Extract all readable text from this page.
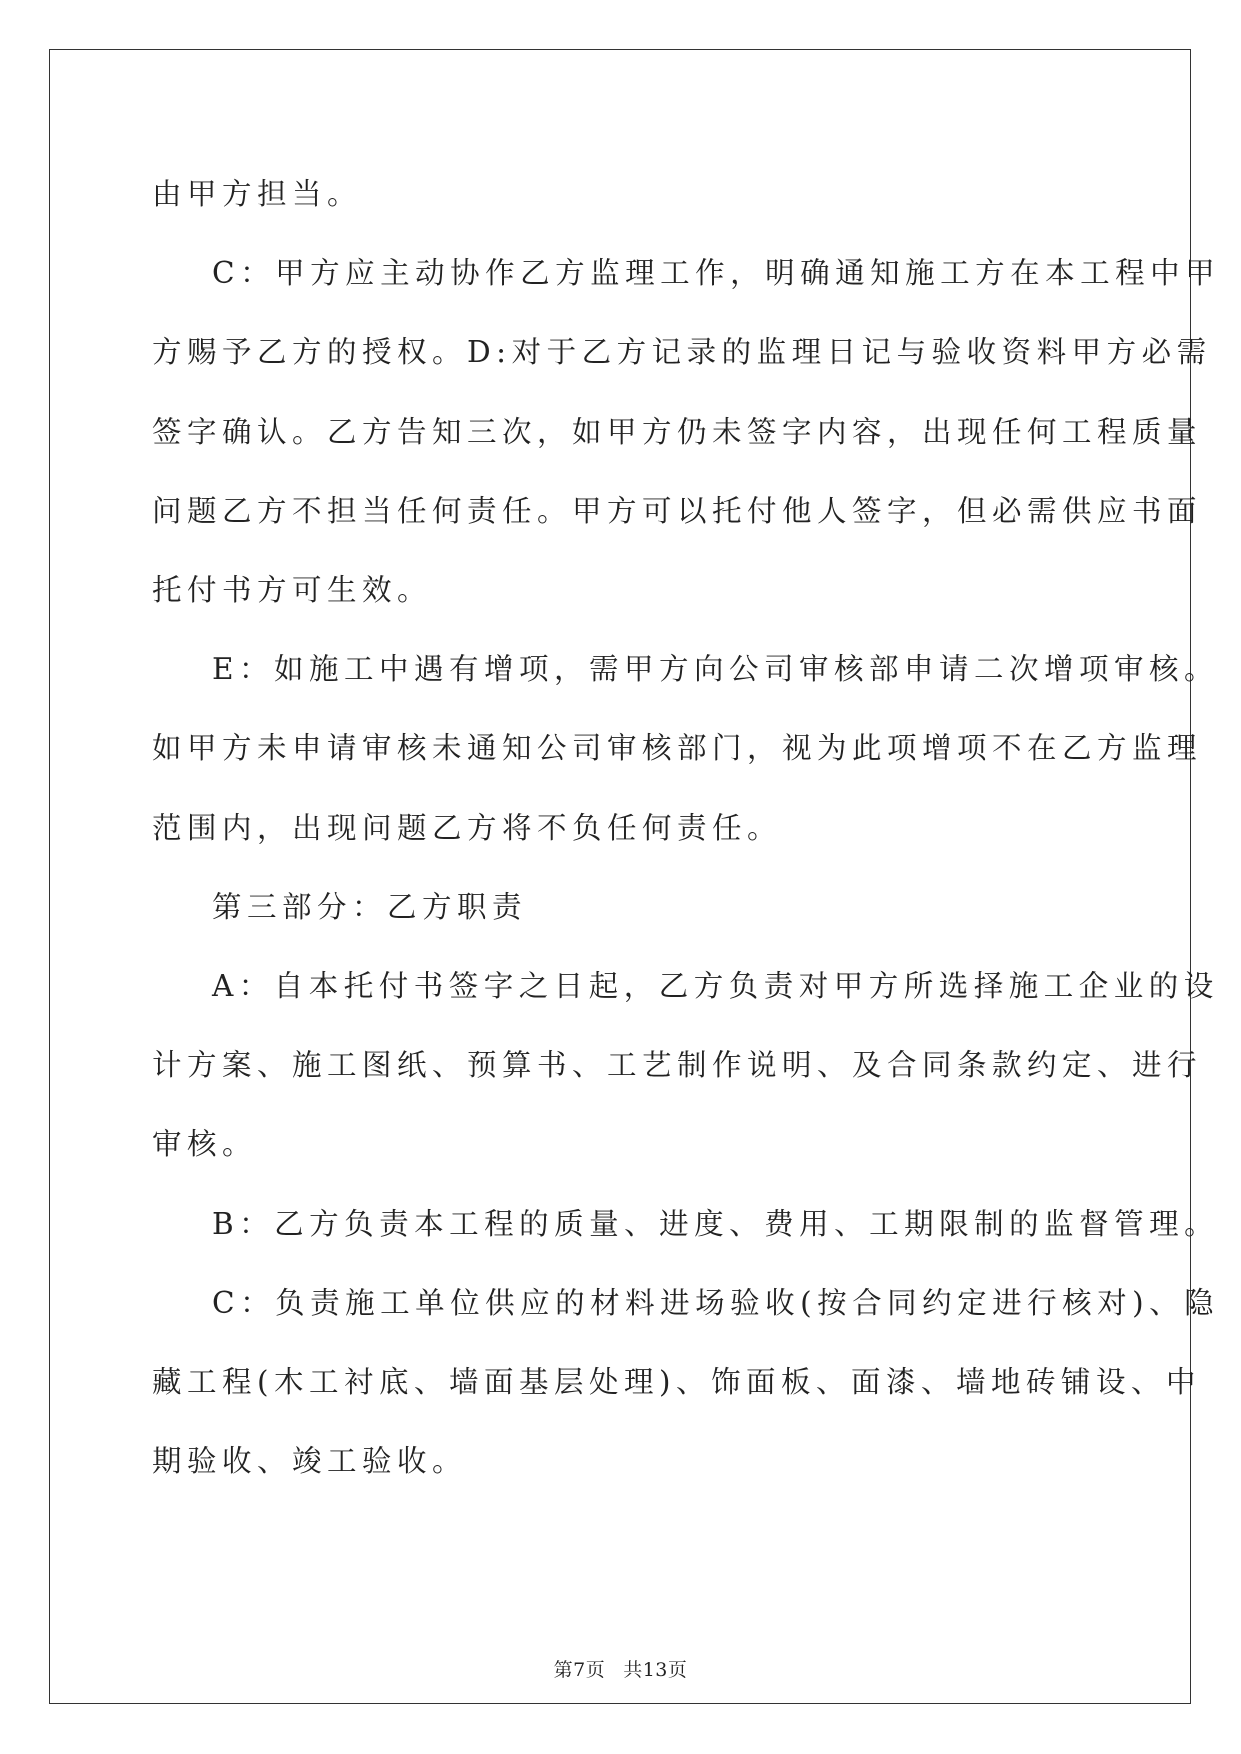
由甲方担当。

C：甲方应主动协作乙方监理工作，明确通知施工方在本工程中甲

方赐予乙方的授权。D:对于乙方记录的监理日记与验收资料甲方必需

签字确认。乙方告知三次，如甲方仍未签字内容，出现任何工程质量

问题乙方不担当任何责任。甲方可以托付他人签字，但必需供应书面

托付书方可生效。

E：如施工中遇有增项，需甲方向公司审核部申请二次增项审核。

如甲方未申请审核未通知公司审核部门，视为此项增项不在乙方监理

范围内，出现问题乙方将不负任何责任。

第三部分：乙方职责

A：自本托付书签字之日起，乙方负责对甲方所选择施工企业的设

计方案、施工图纸、预算书、工艺制作说明、及合同条款约定、进行

审核。

B：乙方负责本工程的质量、进度、费用、工期限制的监督管理。

C：负责施工单位供应的材料进场验收(按合同约定进行核对)、隐

藏工程(木工衬底、墙面基层处理)、饰面板、面漆、墙地砖铺设、中

期验收、竣工验收。

第7页 共13页
